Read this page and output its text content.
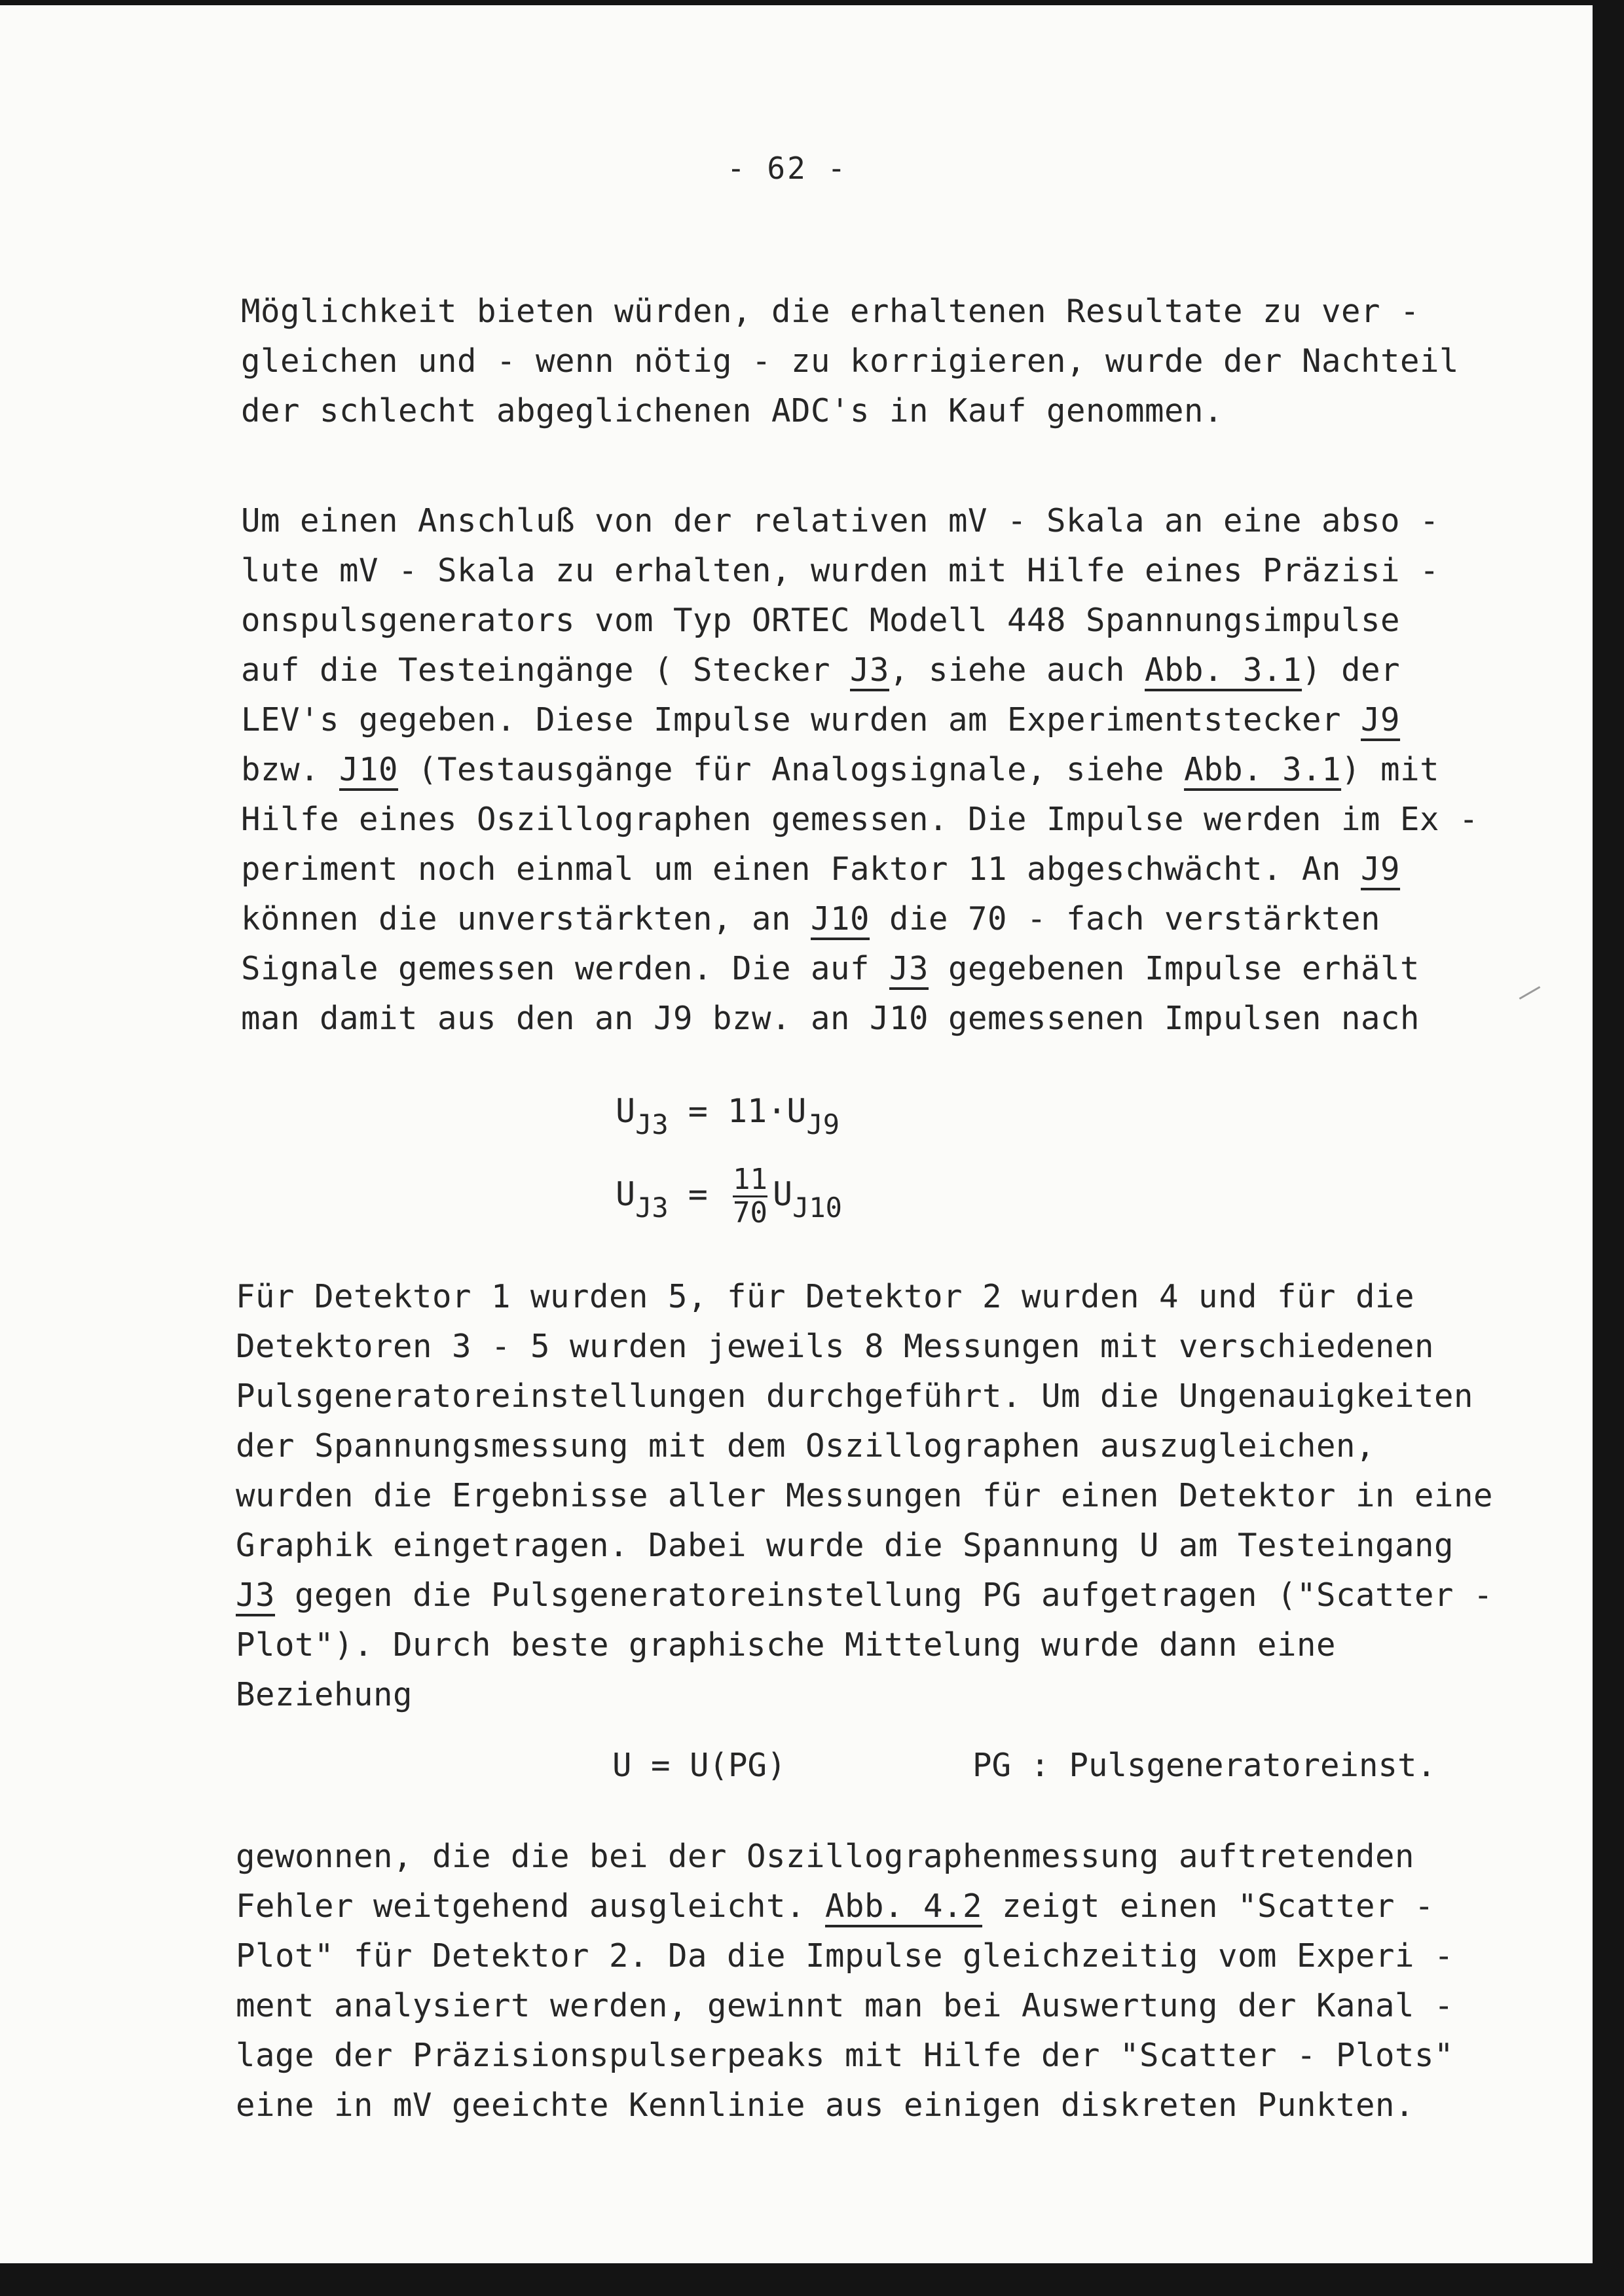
- 62 -
Möglichkeit bieten würden, die erhaltenen Resultate zu ver -
gleichen und - wenn nötig - zu korrigieren, wurde der Nachteil
der schlecht abgeglichenen ADC's in Kauf genommen.
Um einen Anschluß von der relativen mV - Skala an eine abso -
lute mV - Skala zu erhalten, wurden mit Hilfe eines Präzisi -
onspulsgenerators vom Typ ORTEC Modell 448 Spannungsimpulse
auf die Testeingänge ( Stecker J3, siehe auch Abb. 3.1) der
LEV's gegeben. Diese Impulse wurden am Experimentstecker J9
bzw. J10 (Testausgänge für Analogsignale, siehe Abb. 3.1) mit
Hilfe eines Oszillographen gemessen. Die Impulse werden im Ex -
periment noch einmal um einen Faktor 11 abgeschwächt. An J9
können die unverstärkten, an J10 die 70 - fach verstärkten
Signale gemessen werden. Die auf J3 gegebenen Impulse erhält
man damit aus den an J9 bzw. an J10 gemessenen Impulsen nach
$U_{J3} = 11\cdot U_{J9}$
$U_{J3} = \frac{11}{70} U_{J10}$
Für Detektor 1 wurden 5, für Detektor 2 wurden 4 und für die
Detektoren 3 - 5 wurden jeweils 8 Messungen mit verschiedenen
Pulsgeneratoreinstellungen durchgeführt. Um die Ungenauigkeiten
der Spannungsmessung mit dem Oszillographen auszugleichen,
wurden die Ergebnisse aller Messungen für einen Detektor in eine
Graphik eingetragen. Dabei wurde die Spannung U am Testeingang
J3 gegen die Pulsgeneratoreinstellung PG aufgetragen ("Scatter -
Plot"). Durch beste graphische Mittelung wurde dann eine
Beziehung
U = U(PG)	PG : Pulsgeneratoreinst.
gewonnen, die die bei der Oszillographenmessung auftretenden
Fehler weitgehend ausgleicht. Abb. 4.2 zeigt einen "Scatter -
Plot" für Detektor 2. Da die Impulse gleichzeitig vom Experi -
ment analysiert werden, gewinnt man bei Auswertung der Kanal -
lage der Präzisionspulserpeaks mit Hilfe der "Scatter - Plots"
eine in mV geeichte Kennlinie aus einigen diskreten Punkten.
